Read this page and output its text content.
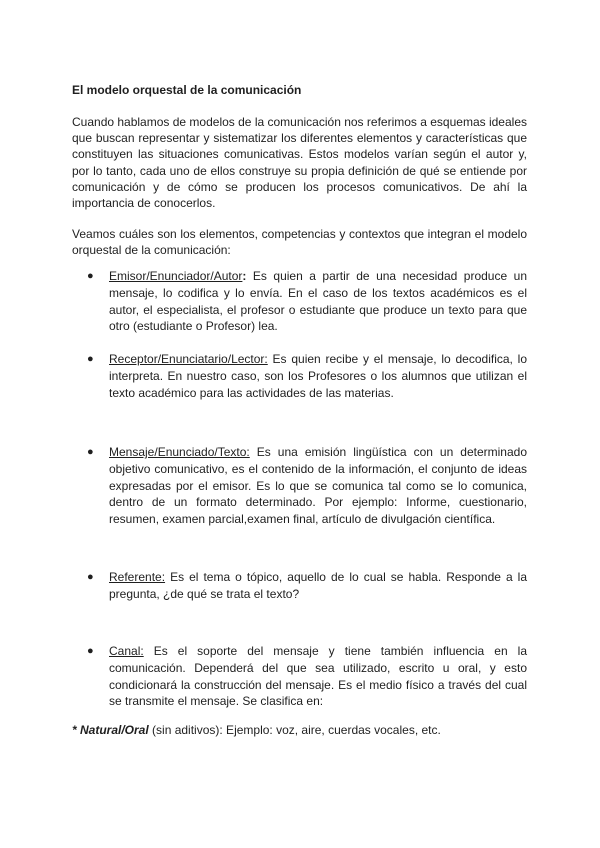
El modelo orquestal de la comunicación

Cuando hablamos de modelos de la comunicación nos referimos a esquemas ideales que buscan representar y sistematizar los diferentes elementos y características que constituyen las situaciones comunicativas. Estos modelos varían según el autor y, por lo tanto, cada uno de ellos construye su propia definición de qué se entiende por comunicación y de cómo se producen los procesos comunicativos. De ahí la importancia de conocerlos.

Veamos cuáles son los elementos, competencias y contextos que integran el modelo orquestal de la comunicación:

● Emisor/Enunciador/Autor: Es quien a partir de una necesidad produce un mensaje, lo codifica y lo envía. En el caso de los textos académicos es el autor, el especialista, el profesor o estudiante que produce un texto para que otro (estudiante o Profesor) lea.

● Receptor/Enunciatario/Lector: Es quien recibe y el mensaje, lo decodifica, lo interpreta. En nuestro caso, son los Profesores o los alumnos que utilizan el texto académico para las actividades de las materias.

● Mensaje/Enunciado/Texto: Es una emisión lingüística con un determinado objetivo comunicativo, es el contenido de la información, el conjunto de ideas expresadas por el emisor. Es lo que se comunica tal como se lo comunica, dentro de un formato determinado. Por ejemplo: Informe, cuestionario, resumen, examen parcial,examen final, artículo de divulgación científica.

● Referente: Es el tema o tópico, aquello de lo cual se habla. Responde a la pregunta, ¿de qué se trata el texto?

● Canal: Es el soporte del mensaje y tiene también influencia en la comunicación. Dependerá del que sea utilizado, escrito u oral, y esto condicionará la construcción del mensaje. Es el medio físico a través del cual se transmite el mensaje. Se clasifica en:

* Natural/Oral (sin aditivos): Ejemplo: voz, aire, cuerdas vocales, etc.
